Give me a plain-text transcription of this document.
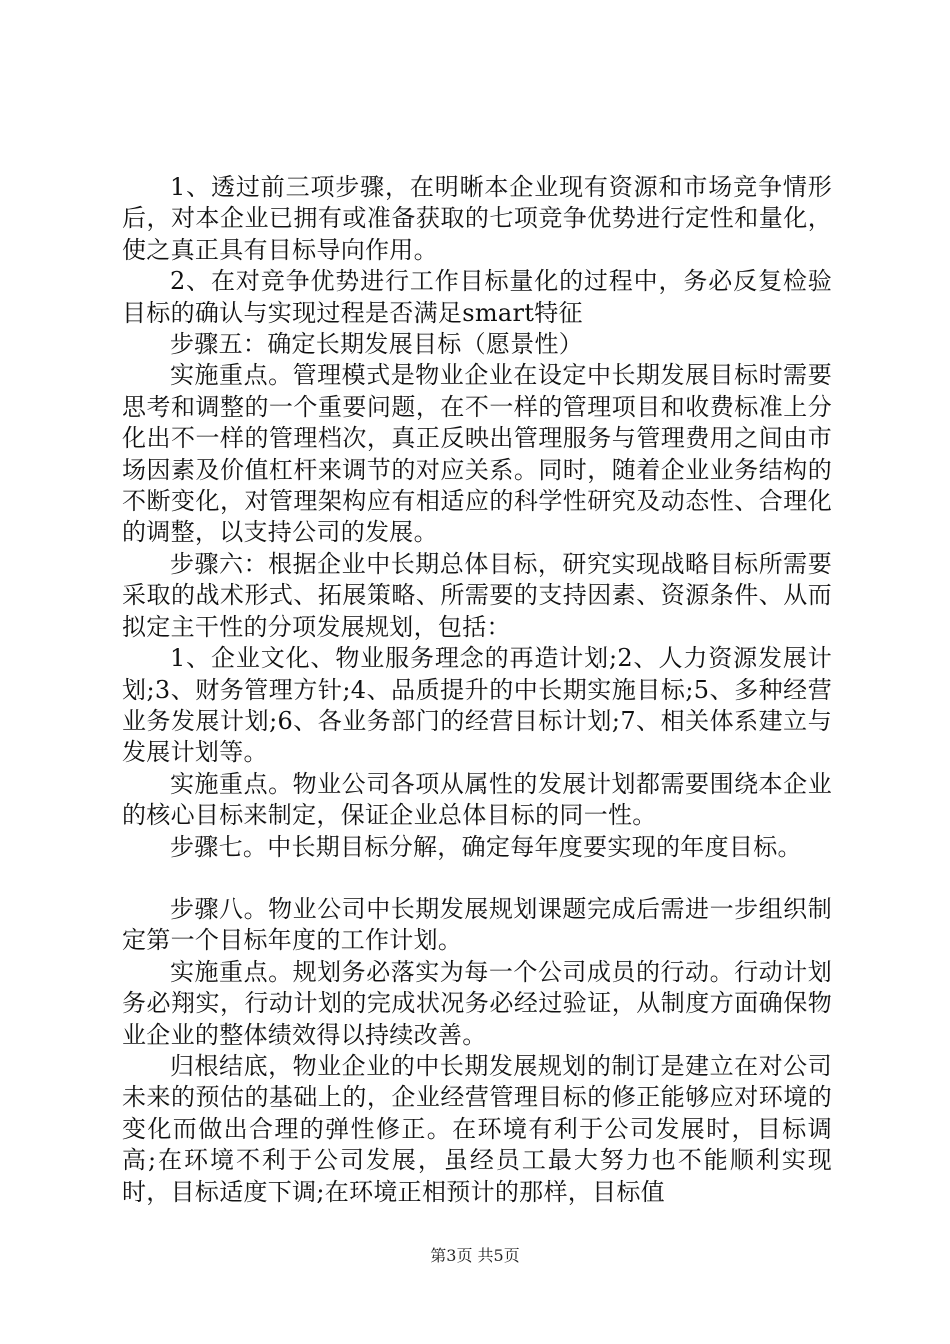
1、透过前三项步骤，在明晰本企业现有资源和市场竞争情形后，对本企业已拥有或准备获取的七项竞争优势进行定性和量化，使之真正具有目标导向作用。

2、在对竞争优势进行工作目标量化的过程中，务必反复检验目标的确认与实现过程是否满足smart特征

步骤五：确定长期发展目标（愿景性）

实施重点。管理模式是物业企业在设定中长期发展目标时需要思考和调整的一个重要问题，在不一样的管理项目和收费标准上分化出不一样的管理档次，真正反映出管理服务与管理费用之间由市场因素及价值杠杆来调节的对应关系。同时，随着企业业务结构的不断变化，对管理架构应有相适应的科学性研究及动态性、合理化的调整，以支持公司的发展。

步骤六：根据企业中长期总体目标，研究实现战略目标所需要采取的战术形式、拓展策略、所需要的支持因素、资源条件、从而拟定主干性的分项发展规划，包括：

1、企业文化、物业服务理念的再造计划;2、人力资源发展计划;3、财务管理方针;4、品质提升的中长期实施目标;5、多种经营业务发展计划;6、各业务部门的经营目标计划;7、相关体系建立与发展计划等。

实施重点。物业公司各项从属性的发展计划都需要围绕本企业的核心目标来制定，保证企业总体目标的同一性。

步骤七。中长期目标分解，确定每年度要实现的年度目标。

步骤八。物业公司中长期发展规划课题完成后需进一步组织制定第一个目标年度的工作计划。

实施重点。规划务必落实为每一个公司成员的行动。行动计划务必翔实，行动计划的完成状况务必经过验证，从制度方面确保物业企业的整体绩效得以持续改善。

归根结底，物业企业的中长期发展规划的制订是建立在对公司未来的预估的基础上的，企业经营管理目标的修正能够应对环境的变化而做出合理的弹性修正。在环境有利于公司发展时，目标调高;在环境不利于公司发展，虽经员工最大努力也不能顺利实现时，目标适度下调;在环境正相预计的那样，目标值

第3页 共5页
